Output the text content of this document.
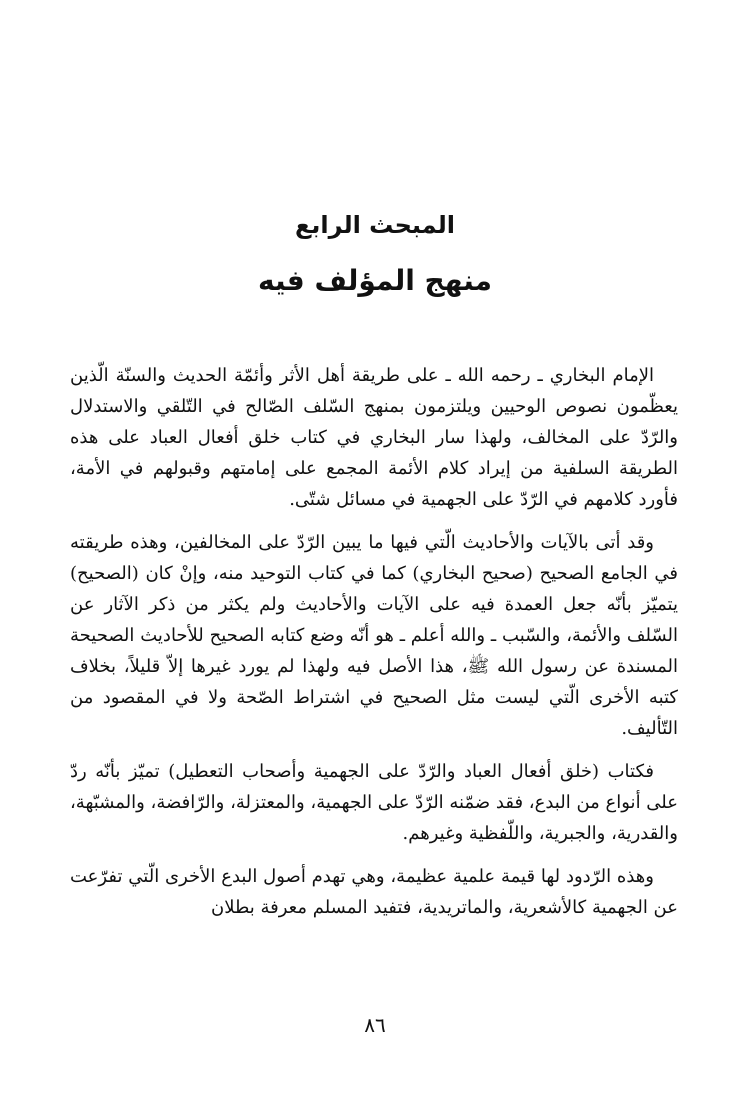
المبحث الرابع
منهج المؤلف فيه

الإمام البخاري ـ رحمه الله ـ على طريقة أهل الأثر وأئمّة الحديث والسنّة الّذين يعظّمون نصوص الوحيين ويلتزمون بمنهج السّلف الصّالح في التّلقي والاستدلال والرّدّ على المخالف، ولهذا سار البخاري في كتاب خلق أفعال العباد على هذه الطريقة السلفية من إيراد كلام الأئمة المجمع على إمامتهم وقبولهم في الأمة، فأورد كلامهم في الرّدّ على الجهمية في مسائل شتّى.

وقد أتى بالآيات والأحاديث الّتي فيها ما يبين الرّدّ على المخالفين، وهذه طريقته في الجامع الصحيح (صحيح البخاري) كما في كتاب التوحيد منه، وإنْ كان (الصحيح) يتميّز بأنّه جعل العمدة فيه على الآيات والأحاديث ولم يكثر من ذكر الآثار عن السّلف والأئمة، والسّبب ـ والله أعلم ـ هو أنّه وضع كتابه الصحيح للأحاديث الصحيحة المسندة عن رسول الله ﷺ، هذا الأصل فيه ولهذا لم يورد غيرها إلاّ قليلاً، بخلاف كتبه الأخرى الّتي ليست مثل الصحيح في اشتراط الصّحة ولا في المقصود من التّأليف.

فكتاب (خلق أفعال العباد والرّدّ على الجهمية وأصحاب التعطيل) تميّز بأنّه ردّ على أنواع من البدع، فقد ضمّنه الرّدّ على الجهمية، والمعتزلة، والرّافضة، والمشبّهة، والقدرية، والجبرية، واللّفظية وغيرهم.

وهذه الرّدود لها قيمة علمية عظيمة، وهي تهدم أصول البدع الأخرى الّتي تفرّعت عن الجهمية كالأشعرية، والماتريدية، فتفيد المسلم معرفة بطلان

٨٦
